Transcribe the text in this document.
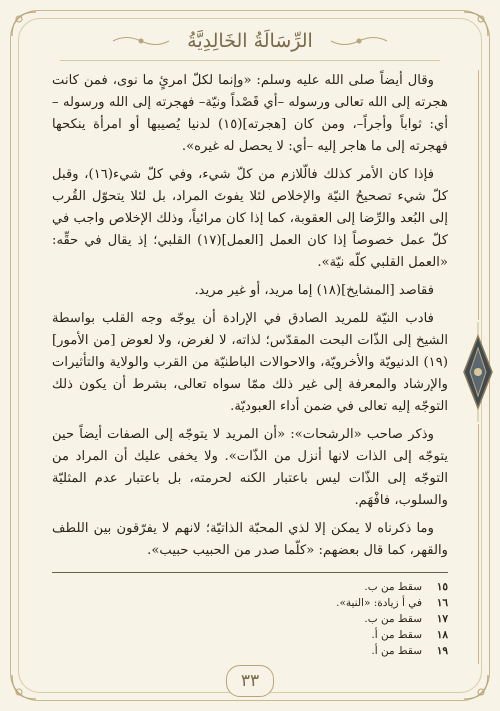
الرِّسَالَةُ الخَالِدِيَّةُ

وقال أيضاً صلى الله عليه وسلم: «وإنما لكلّ امرئٍ ما نوى، فمن كانت هجرته إلى الله تعالى ورسوله –أي قَصْداً ونيّة– فهجرته إلى الله ورسوله –أي: ثواباً وأجراً–، ومن كان [هجرته](١٥) لدنيا يُصيبها أو امرأة ينكحها فهجرته إلى ما هاجر إليه –أي: لا يحصل له غيره».

فإذا كان الأمر كذلك فالّلازم من كلّ شيء، وفي كلّ شيء(١٦)، وقبل كلّ شيء تصحيحُ النيّة والإخلاص لئلا يفوتَ المراد، بل لئلا يتحوّل القُرب إلى البُعد والرِّضا إلى العقوبة، كما إذا كان مرائياً، وذلك الإخلاص واجب في كلّ عمل خصوصاً إذا كان العمل [العمل](١٧) القلبي؛ إذ يقال في حقِّه: «العمل القلبي كلّه نيّة».

فقاصد [المشايخ](١٨) إما مريد، أو غير مريد.

فادب النيّة للمريد الصادق في الإرادة أن يوجّه وجه القلب بواسطة الشيخ إلى الذّات البحت المقدّس؛ لذاته، لا لغرض، ولا لعوض [من الأمور](١٩) الدنيويّة والأخرويّة، والاحوالات الباطنيّة من القرب والولاية والتأثيرات والإرشاد والمعرفة إلى غير ذلك ممّا سواه تعالى، بشرط أن يكون ذلك التوجّه إليه تعالى في ضمن أداء العبوديّة.

وذكر صاحب «الرشحات»: «أن المريد لا يتوجّه إلى الصفات أيضاً حين يتوجّه إلى الذات لانها أنزل من الذّات». ولا يخفى عليك أن المراد من التوجّه إلى الذّات ليس باعتبار الكنه لحرمته، بل باعتبار عدم المثليّة والسلوب، فافْهَم.

وما ذكرناه لا يمكن إلا لذي المحبّة الذاتيّة؛ لانهم لا يفرّقون بين اللطف والقهر، كما قال بعضهم: «كلّما صدر من الحبيب حبيب».

١٥
سقط من ب.
١٦
في أ زيادة: «النية».
١٧
سقط من ب.
١٨
سقط من أ.
١٩
سقط من أ.
٣٣
